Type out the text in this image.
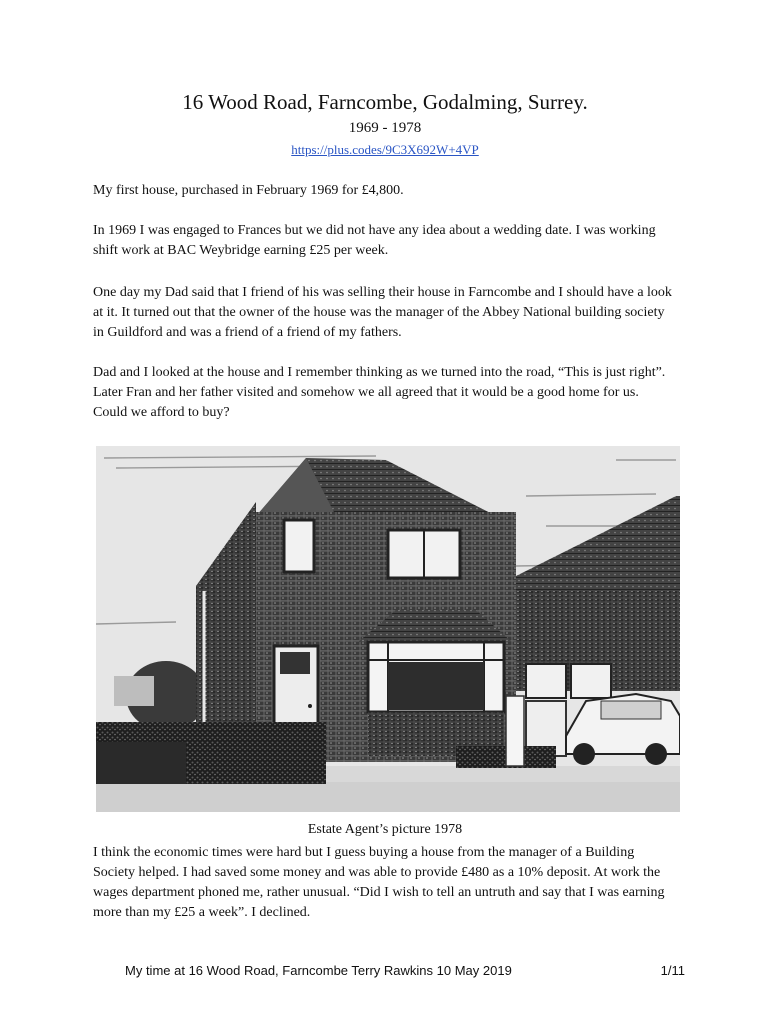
16 Wood Road, Farncombe, Godalming, Surrey.
1969 - 1978
https://plus.codes/9C3X692W+4VP

My first house, purchased in February 1969 for £4,800.

In 1969 I was engaged to Frances but we did not have any idea about a wedding date. I was working shift work at BAC Weybridge earning £25 per week.

One day my Dad said that I friend of his was selling their house in Farncombe and I should have a look at it. It turned out that the owner of the house was the manager of the Abbey National building society in Guildford and was a friend of a friend of my fathers.

Dad and I looked at the house and I remember thinking as we turned into the road, “This is just right”. Later Fran and her father visited and somehow we all agreed that it would be a good home for us. Could we afford to buy?

Estate Agent’s picture 1978

I think the economic times were hard but I guess buying a house from the manager of a Building Society helped. I had saved some money and was able to provide £480 as a 10% deposit. At work the wages department phoned me, rather unusual. “Did I wish to tell an untruth and say that I was earning more than my £25 a week”. I declined.

My time at 16 Wood Road, Farncombe Terry Rawkins 10 May 2019	1/11
